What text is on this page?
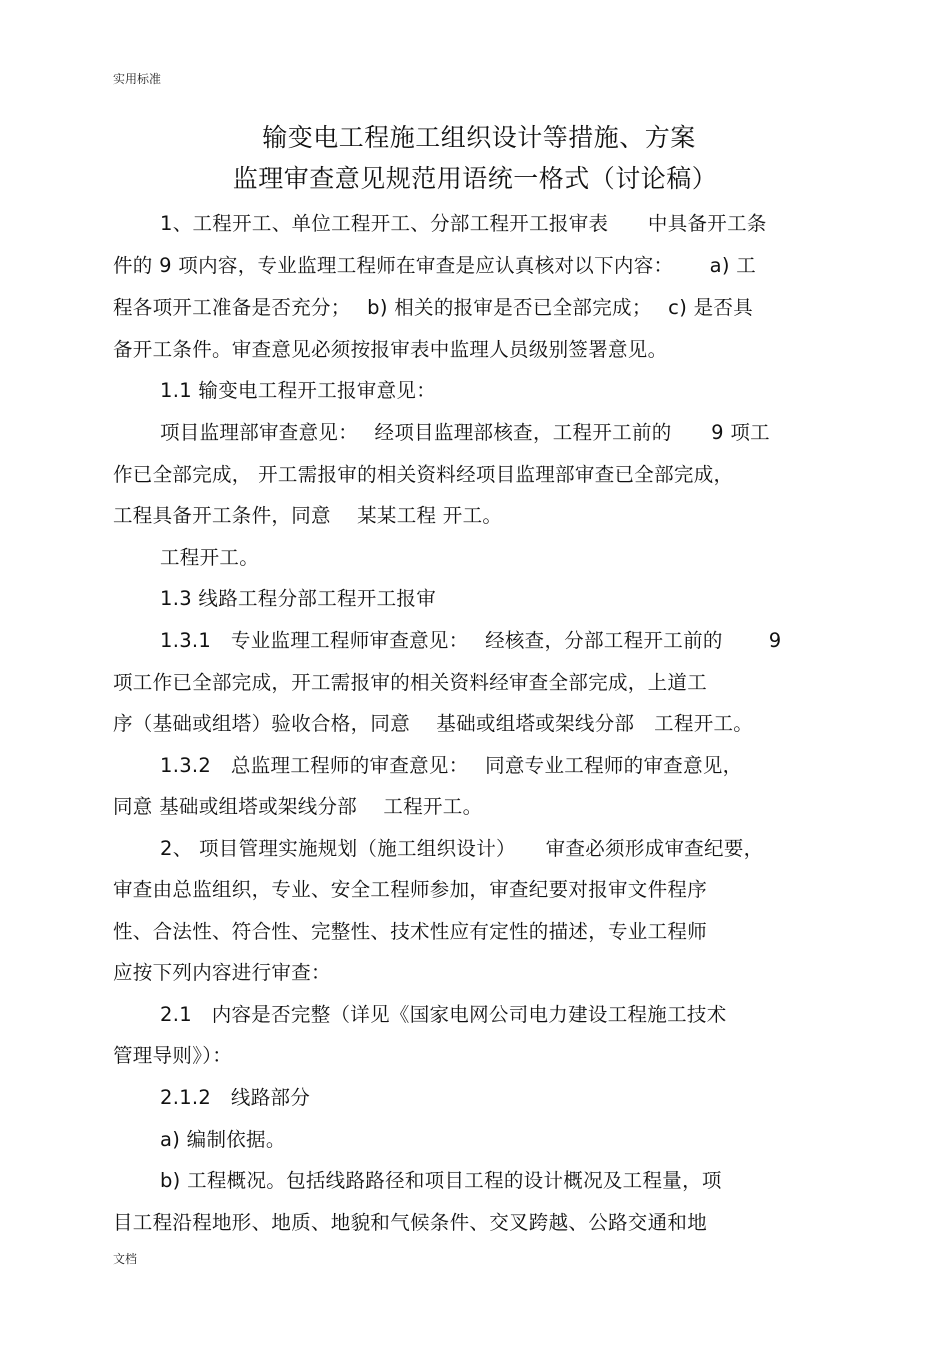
实用标准
输变电工程施工组织设计等措施、方案
监理审查意见规范用语统一格式（讨论稿）
1、工程开工、单位工程开工、分部工程开工报审表　　中具备开工条
件的 9 项内容，专业监理工程师在审查是应认真核对以下内容：　　 a) 工
程各项开工准备是否充分；　 b) 相关的报审是否已全部完成；　 c) 是否具
备开工条件。审查意见必须按报审表中监理人员级别签署意见。
1.1 输变电工程开工报审意见：
项目监理部审查意见：　 经项目监理部核查，工程开工前的　　9 项工
作已全部完成， 开工需报审的相关资料经项目监理部审查已全部完成，
工程具备开工条件，同意　 某某工程 开工。
工程开工。
1.3 线路工程分部工程开工报审
1.3.1　专业监理工程师审查意见：　 经核查，分部工程开工前的　　 9
项工作已全部完成，开工需报审的相关资料经审查全部完成，上道工
序（基础或组塔）验收合格，同意　 基础或组塔或架线分部　工程开工。
1.3.2　总监理工程师的审查意见：　 同意专业工程师的审查意见，
同意 基础或组塔或架线分部　 工程开工。
2、 项目管理实施规划（施工组织设计）　　审查必须形成审查纪要，
审查由总监组织，专业、安全工程师参加，审查纪要对报审文件程序
性、合法性、符合性、完整性、技术性应有定性的描述，专业工程师
应按下列内容进行审查：
2.1　内容是否完整（详见《国家电网公司电力建设工程施工技术
管理导则》）：
2.1.2　线路部分
a) 编制依据。
b) 工程概况。包括线路路径和项目工程的设计概况及工程量，项
目工程沿程地形、地质、地貌和气候条件、交叉跨越、公路交通和地
文档
